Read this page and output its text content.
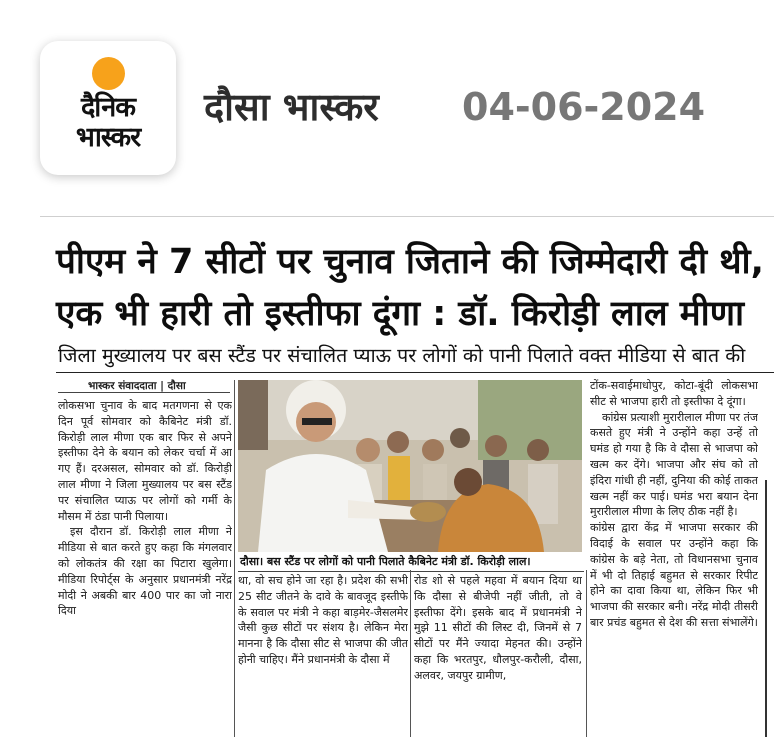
दैनिक
भास्कर
दौसा भास्कर 04-06-2024
पीएम ने 7 सीटों पर चुनाव जिताने की जिम्मेदारी दी थी,
एक भी हारी तो इस्तीफा दूंगा : डॉ. किरोड़ी लाल मीणा
जिला मुख्यालय पर बस स्टैंड पर संचालित प्याऊ पर लोगों को पानी पिलाते वक्त मीडिया से बात की
भास्कर संवाददाता | दौसा

लोकसभा चुनाव के बाद मतगणना से एक दिन पूर्व सोमवार को कैबिनेट मंत्री डॉ. किरोड़ी लाल मीणा एक बार फिर से अपने इस्तीफा देने के बयान को लेकर चर्चा में आ गए हैं। दरअसल, सोमवार को डॉ. किरोड़ी लाल मीणा ने जिला मुख्यालय पर बस स्टैंड पर संचालित प्याऊ पर लोगों को गर्मी के मौसम में ठंडा पानी पिलाया।

इस दौरान डॉ. किरोड़ी लाल मीणा ने मीडिया से बात करते हुए कहा कि मंगलवार को लोकतंत्र की रक्षा का पिटारा खुलेगा। मीडिया रिपोर्ट्स के अनुसार प्रधानमंत्री नरेंद्र मोदी ने अबकी बार 400 पार का जो नारा दिया

दौसा। बस स्टैंड पर लोगों को पानी पिलाते कैबिनेट मंत्री डॉ. किरोड़ी लाल।

था, वो सच होने जा रहा है। प्रदेश की सभी 25 सीट जीतने के दावे के बावजूद इस्तीफे के सवाल पर मंत्री ने कहा बाड़मेर-जैसलमेर जैसी कुछ सीटों पर संशय है। लेकिन मेरा मानना है कि दौसा सीट से भाजपा की जीत होनी चाहिए। मैंने प्रधानमंत्री के दौसा में

रोड शो से पहले महवा में बयान दिया था कि दौसा से बीजेपी नहीं जीती, तो वे इस्तीफा देंगे। इसके बाद में प्रधानमंत्री ने मुझे 11 सीटों की लिस्ट दी, जिनमें से 7 सीटों पर मैंने ज्यादा मेहनत की। उन्होंने कहा कि भरतपुर, धौलपुर-करौली, दौसा, अलवर, जयपुर ग्रामीण,

टोंक-सवाईमाधोपुर, कोटा-बूंदी लोकसभा सीट से भाजपा हारी तो इस्तीफा दे दूंगा।

कांग्रेस प्रत्याशी मुरारीलाल मीणा पर तंज कसते हुए मंत्री ने उन्होंने कहा उन्हें तो घमंड हो गया है कि वे दौसा से भाजपा को खत्म कर देंगे। भाजपा और संघ को तो इंदिरा गांधी ही नहीं, दुनिया की कोई ताकत खत्म नहीं कर पाई। घमंड भरा बयान देना मुरारीलाल मीणा के लिए ठीक नहीं है।

कांग्रेस द्वारा केंद्र में भाजपा सरकार की विदाई के सवाल पर उन्होंने कहा कि कांग्रेस के बड़े नेता, तो विधानसभा चुनाव में भी दो तिहाई बहुमत से सरकार रिपीट होने का दावा किया था, लेकिन फिर भी भाजपा की सरकार बनी। नरेंद्र मोदी तीसरी बार प्रचंड बहुमत से देश की सत्ता संभालेंगे।
